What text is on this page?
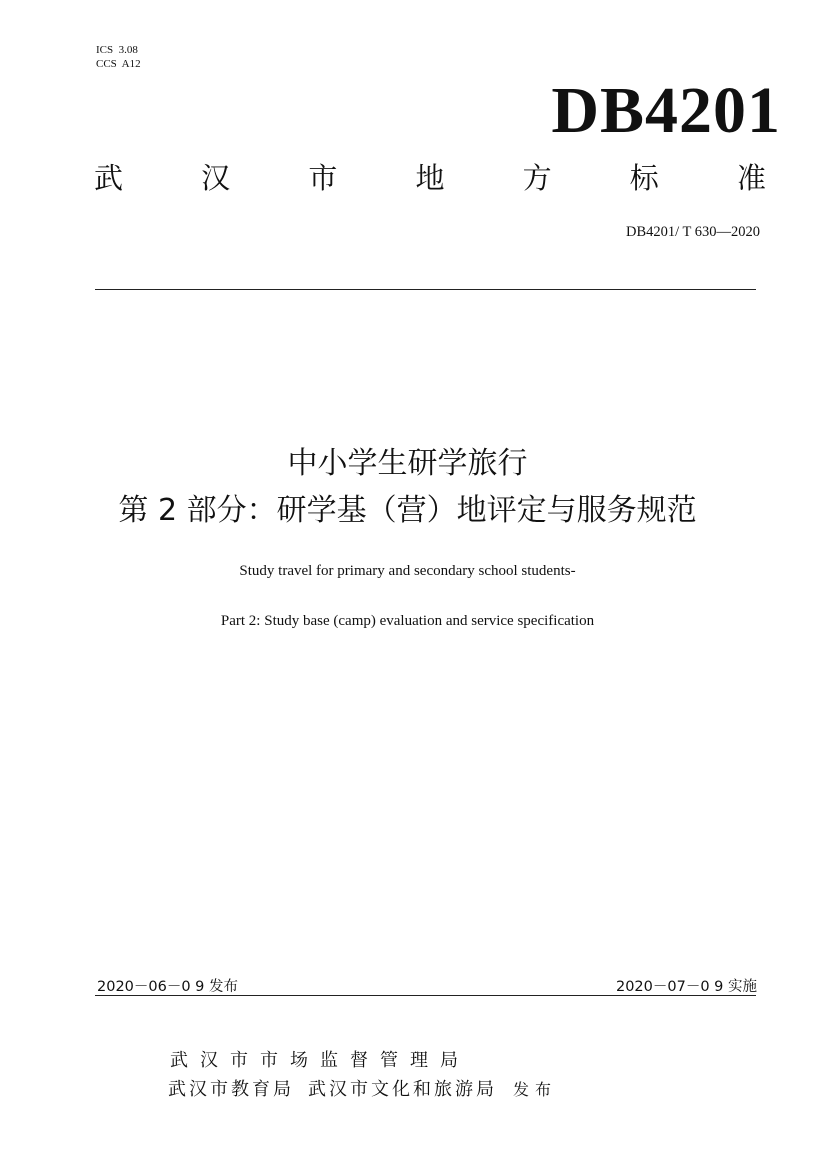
ICS  3.08
CCS  A12
DB4201
武	汉	市	地	方	标	准
DB4201/ T 630—2020
中小学生研学旅行
第 2 部分：研学基（营）地评定与服务规范
Study travel for primary and secondary school students-
Part 2: Study base (camp) evaluation and service specification
2020－06－0 9 发布	2020－07－0 9 实施
武汉市市场监督管理局
武汉市教育局 武汉市文化和旅游局 发布
